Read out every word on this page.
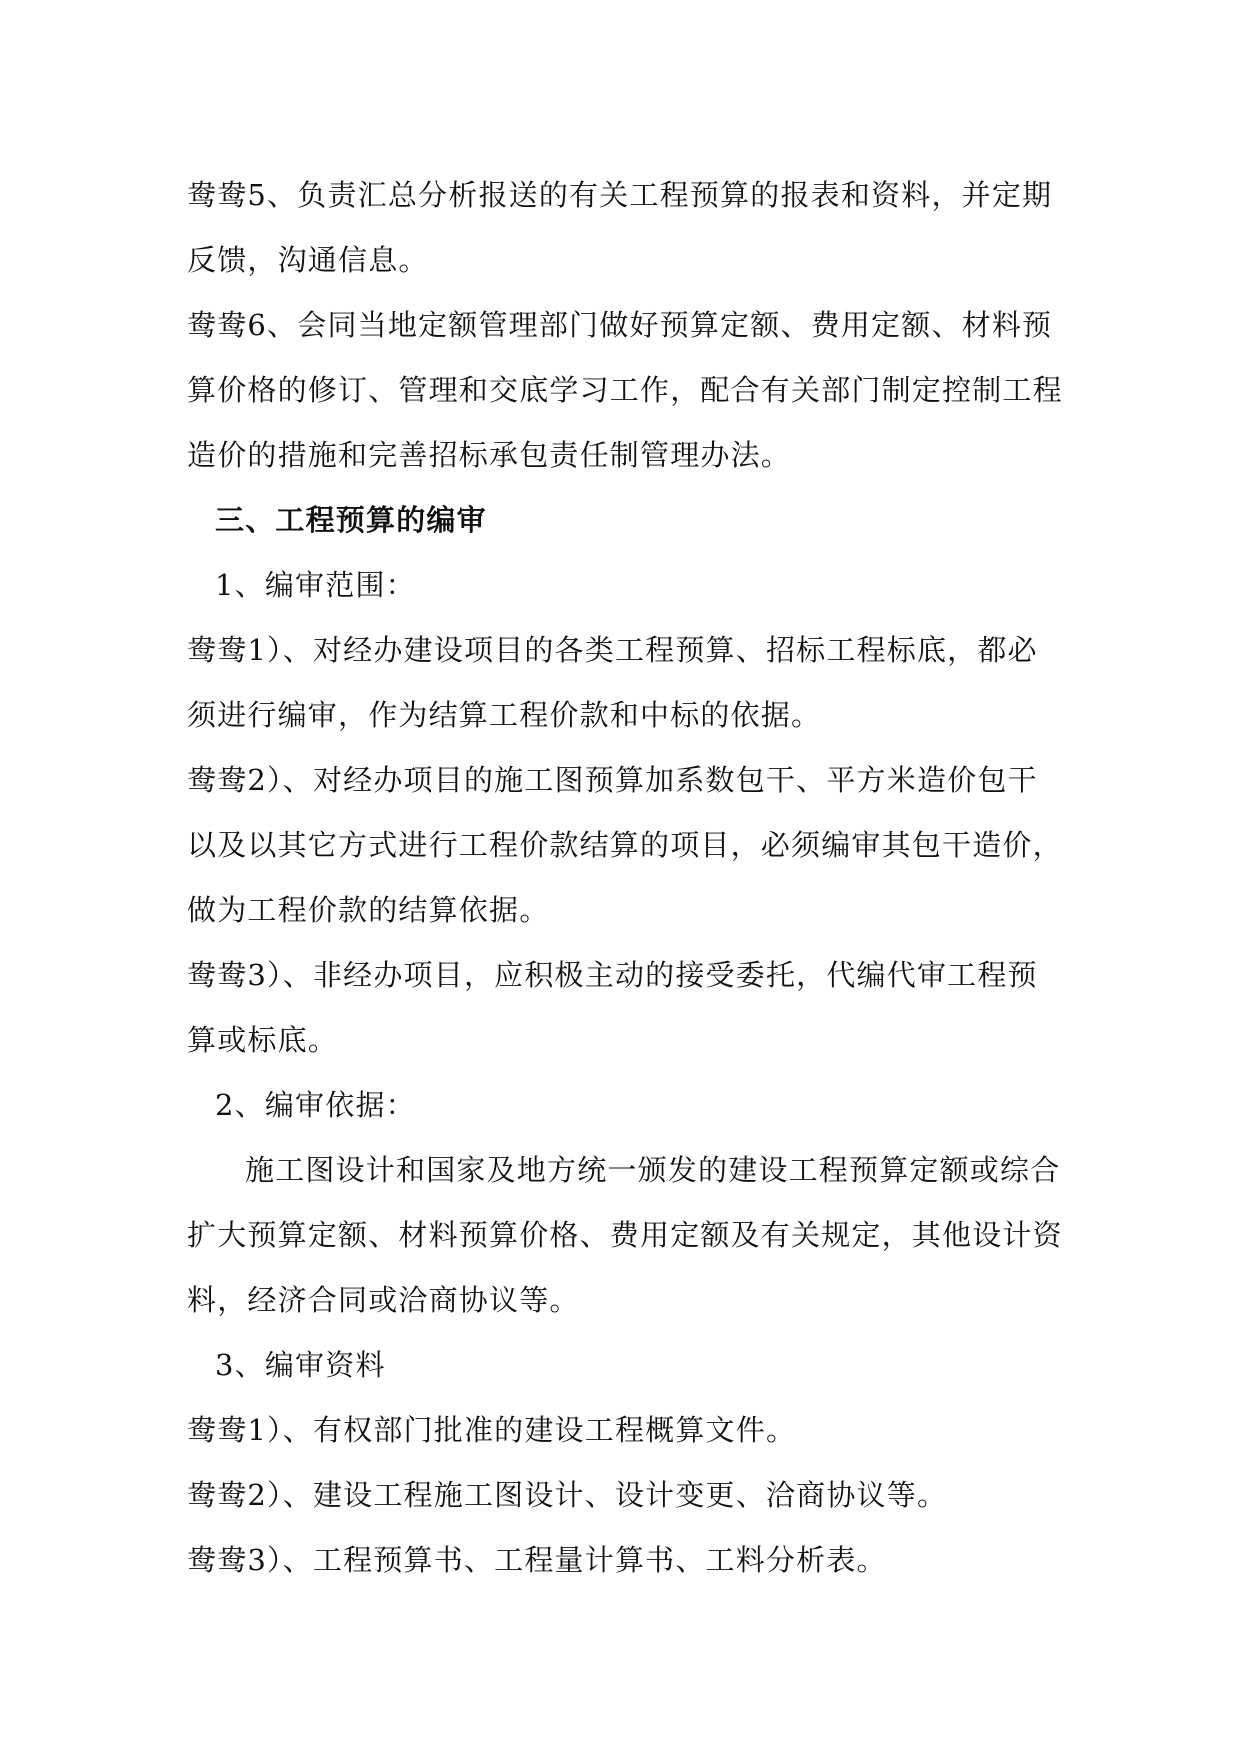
鸯鸯5、负责汇总分析报送的有关工程预算的报表和资料，并定期反馈，沟通信息。

鸯鸯6、会同当地定额管理部门做好预算定额、费用定额、材料预算价格的修订、管理和交底学习工作，配合有关部门制定控制工程造价的措施和完善招标承包责任制管理办法。

三、工程预算的编审

1、编审范围：

鸯鸯1）、对经办建设项目的各类工程预算、招标工程标底，都必须进行编审，作为结算工程价款和中标的依据。

鸯鸯2）、对经办项目的施工图预算加系数包干、平方米造价包干以及以其它方式进行工程价款结算的项目，必须编审其包干造价，做为工程价款的结算依据。

鸯鸯3）、非经办项目，应积极主动的接受委托，代编代审工程预算或标底。

2、编审依据：

施工图设计和国家及地方统一颁发的建设工程预算定额或综合扩大预算定额、材料预算价格、费用定额及有关规定，其他设计资料，经济合同或洽商协议等。

3、编审资料

鸯鸯1）、有权部门批准的建设工程概算文件。

鸯鸯2）、建设工程施工图设计、设计变更、洽商协议等。

鸯鸯3）、工程预算书、工程量计算书、工料分析表。
